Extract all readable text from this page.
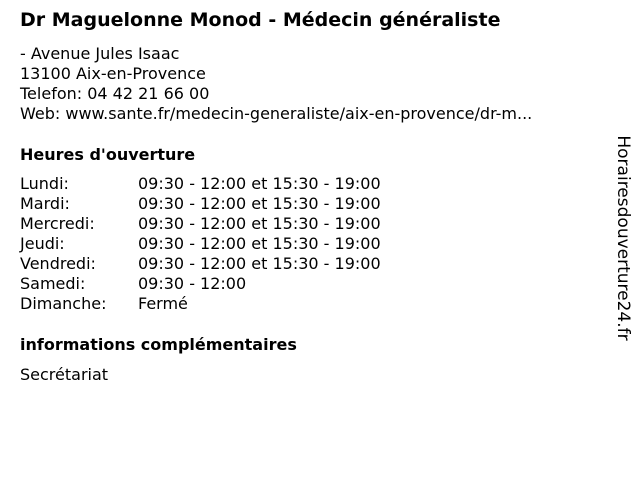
Dr Maguelonne Monod - Médecin généraliste
- Avenue Jules Isaac
13100 Aix-en-Provence
Telefon: 04 42 21 66 00
Web: www.sante.fr/medecin-generaliste/aix-en-provence/dr-m...
Heures d'ouverture
Lundi:	09:30 - 12:00 et 15:30 - 19:00
Mardi:	09:30 - 12:00 et 15:30 - 19:00
Mercredi:	09:30 - 12:00 et 15:30 - 19:00
Jeudi:	09:30 - 12:00 et 15:30 - 19:00
Vendredi:	09:30 - 12:00 et 15:30 - 19:00
Samedi:	09:30 - 12:00
Dimanche:	Fermé
informations complémentaires
Secrétariat
Horairesdouverture24.fr
